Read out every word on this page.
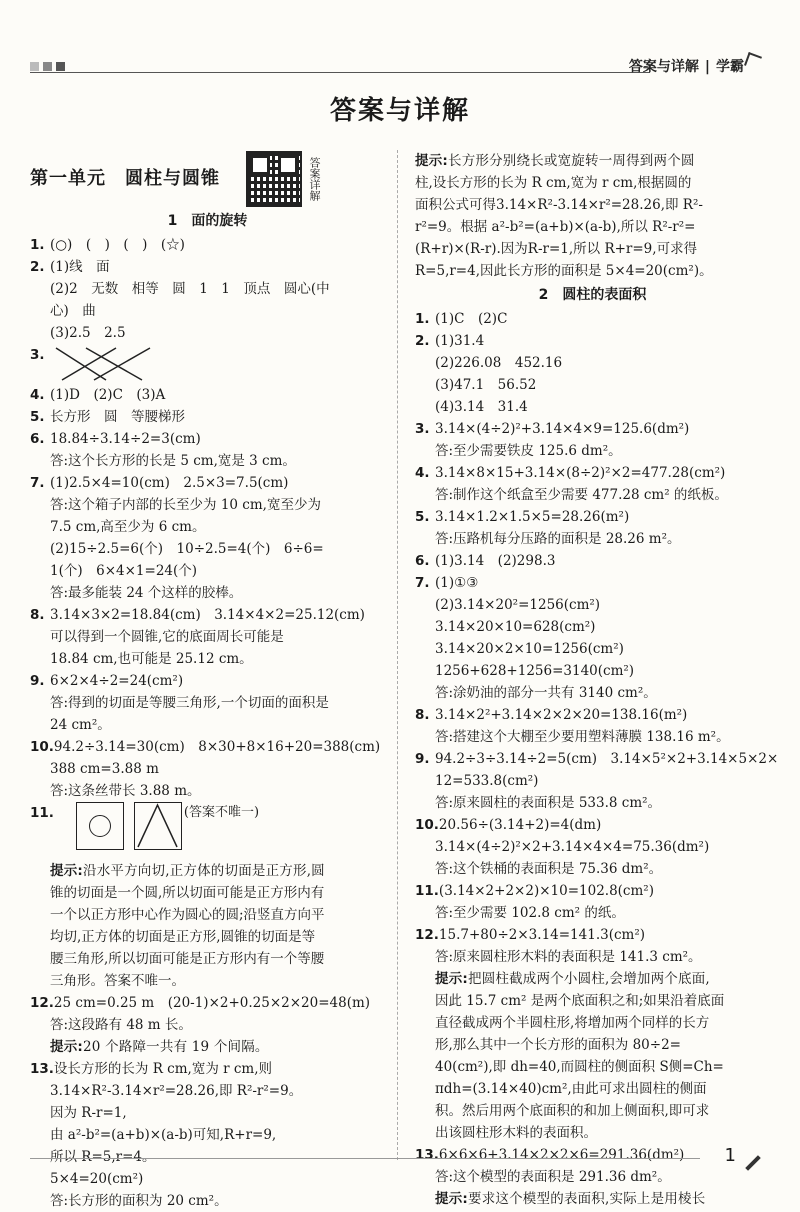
答案与详解 | 学霸
答案与详解
第一单元　圆柱与圆锥	答案详解
1　面的旋转
1. (○)　(　)　(　)　(☆)
2. (1)线　面
(2)2　无数　相等　圆　1　1　顶点　圆心(中
心)　曲
(3)2.5　2.5
3.
4. (1)D　(2)C　(3)A
5. 长方形　圆　等腰梯形
6. 18.84÷3.14÷2=3(cm)
答:这个长方形的长是 5 cm,宽是 3 cm。
7. (1)2.5×4=10(cm)　2.5×3=7.5(cm)
答:这个箱子内部的长至少为 10 cm,宽至少为
7.5 cm,高至少为 6 cm。
(2)15÷2.5=6(个)　10÷2.5=4(个)　6÷6=
1(个)　6×4×1=24(个)
答:最多能装 24 个这样的胶棒。
8. 3.14×3×2=18.84(cm)　3.14×4×2=25.12(cm)
可以得到一个圆锥,它的底面周长可能是
18.84 cm,也可能是 25.12 cm。
9. 6×2×4÷2=24(cm²)
答:得到的切面是等腰三角形,一个切面的面积是
24 cm²。
10.94.2÷3.14=30(cm)　8×30+8×16+20=388(cm)
388 cm=3.88 m
答:这条丝带长 3.88 m。
11.	(答案不唯一)
提示:沿水平方向切,正方体的切面是正方形,圆
锥的切面是一个圆,所以切面可能是正方形内有
一个以正方形中心作为圆心的圆;沿竖直方向平
均切,正方体的切面是正方形,圆锥的切面是等
腰三角形,所以切面可能是正方形内有一个等腰
三角形。答案不唯一。
12.25 cm=0.25 m　(20-1)×2+0.25×2×20=48(m)
答:这段路有 48 m 长。
提示:20 个路障一共有 19 个间隔。
13.设长方形的长为 R cm,宽为 r cm,则
3.14×R²-3.14×r²=28.26,即 R²-r²=9。
因为 R-r=1,
由 a²-b²=(a+b)×(a-b)可知,R+r=9,
所以 R=5,r=4。
5×4=20(cm²)
答:长方形的面积为 20 cm²。
提示:长方形分别绕长或宽旋转一周得到两个圆
柱,设长方形的长为 R cm,宽为 r cm,根据圆的
面积公式可得3.14×R²-3.14×r²=28.26,即 R²-
r²=9。根据 a²-b²=(a+b)×(a-b),所以 R²-r²=
(R+r)×(R-r).因为R-r=1,所以 R+r=9,可求得
R=5,r=4,因此长方形的面积是 5×4=20(cm²)。
2　圆柱的表面积
1. (1)C　(2)C
2. (1)31.4
(2)226.08　452.16
(3)47.1　56.52
(4)3.14　31.4
3. 3.14×(4÷2)²+3.14×4×9=125.6(dm²)
答:至少需要铁皮 125.6 dm²。
4. 3.14×8×15+3.14×(8÷2)²×2=477.28(cm²)
答:制作这个纸盒至少需要 477.28 cm² 的纸板。
5. 3.14×1.2×1.5×5=28.26(m²)
答:压路机每分压路的面积是 28.26 m²。
6. (1)3.14　(2)298.3
7. (1)①③
(2)3.14×20²=1256(cm²)
3.14×20×10=628(cm²)
3.14×20×2×10=1256(cm²)
1256+628+1256=3140(cm²)
答:涂奶油的部分一共有 3140 cm²。
8. 3.14×2²+3.14×2×2×20=138.16(m²)
答:搭建这个大棚至少要用塑料薄膜 138.16 m²。
9. 94.2÷3÷3.14÷2=5(cm)　3.14×5²×2+3.14×5×2×
12=533.8(cm²)
答:原来圆柱的表面积是 533.8 cm²。
10.20.56÷(3.14+2)=4(dm)
3.14×(4÷2)²×2+3.14×4×4=75.36(dm²)
答:这个铁桶的表面积是 75.36 dm²。
11.(3.14×2+2×2)×10=102.8(cm²)
答:至少需要 102.8 cm² 的纸。
12.15.7+80÷2×3.14=141.3(cm²)
答:原来圆柱形木料的表面积是 141.3 cm²。
提示:把圆柱截成两个小圆柱,会增加两个底面,
因此 15.7 cm² 是两个底面积之和;如果沿着底面
直径截成两个半圆柱形,将增加两个同样的长方
形,那么其中一个长方形的面积为 80÷2=
40(cm²),即 dh=40,而圆柱的侧面积 S侧=Ch=
πdh=(3.14×40)cm²,由此可求出圆柱的侧面
积。然后用两个底面积的和加上侧面积,即可求
出该圆柱形木料的表面积。
13.6×6×6+3.14×2×2×6=291.36(dm²)
答:这个模型的表面积是 291.36 dm²。
提示:要求这个模型的表面积,实际上是用棱长
1
